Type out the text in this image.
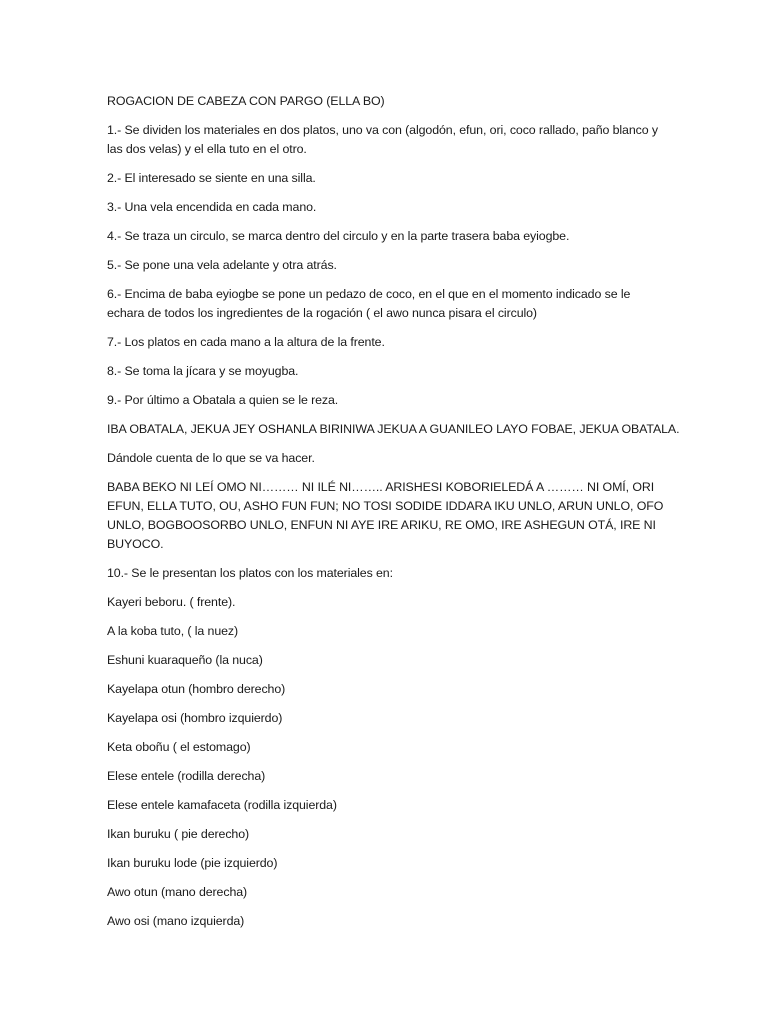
ROGACION DE CABEZA CON PARGO (ELLA BO)

1.- Se dividen los materiales en dos platos, uno va con (algodón, efun, ori, coco rallado, paño blanco y las dos velas) y el ella tuto en el otro.

2.- El interesado se siente en una silla.

3.- Una vela encendida en cada mano.

4.- Se traza un circulo, se marca dentro del circulo y en la parte trasera baba eyiogbe.

5.- Se pone una vela adelante y otra atrás.

6.- Encima de baba eyiogbe se pone un pedazo de coco, en el que en el momento indicado se le echara de todos los ingredientes de la rogación ( el awo nunca pisara el circulo)

7.- Los platos en cada mano a la altura de la frente.

8.- Se toma la jícara y se moyugba.

9.- Por último a Obatala a quien se le reza.

IBA OBATALA, JEKUA JEY OSHANLA BIRINIWA JEKUA A GUANILEO LAYO FOBAE, JEKUA OBATALA.

Dándole cuenta de lo que se va hacer.

BABA BEKO NI LEÍ OMO NI……… NI ILÉ NI…….. ARISHESI KOBORIELEDÁ A ……… NI OMÍ, ORI EFUN, ELLA TUTO, OU, ASHO FUN FUN; NO TOSI SODIDE IDDARA IKU UNLO, ARUN UNLO, OFO UNLO, BOGBOOSORBO UNLO, ENFUN NI AYE IRE ARIKU, RE OMO, IRE ASHEGUN OTÁ, IRE NI BUYOCO.

10.- Se le presentan los platos con los materiales en:

Kayeri beboru. ( frente).

A la koba tuto, ( la nuez)

Eshuni kuaraqueño (la nuca)

Kayelapa otun (hombro derecho)

Kayelapa osi (hombro izquierdo)

Keta oboñu ( el estomago)

Elese entele (rodilla derecha)

Elese entele kamafaceta (rodilla izquierda)

Ikan buruku ( pie derecho)

Ikan buruku lode (pie izquierdo)

Awo otun (mano derecha)

Awo osi (mano izquierda)
